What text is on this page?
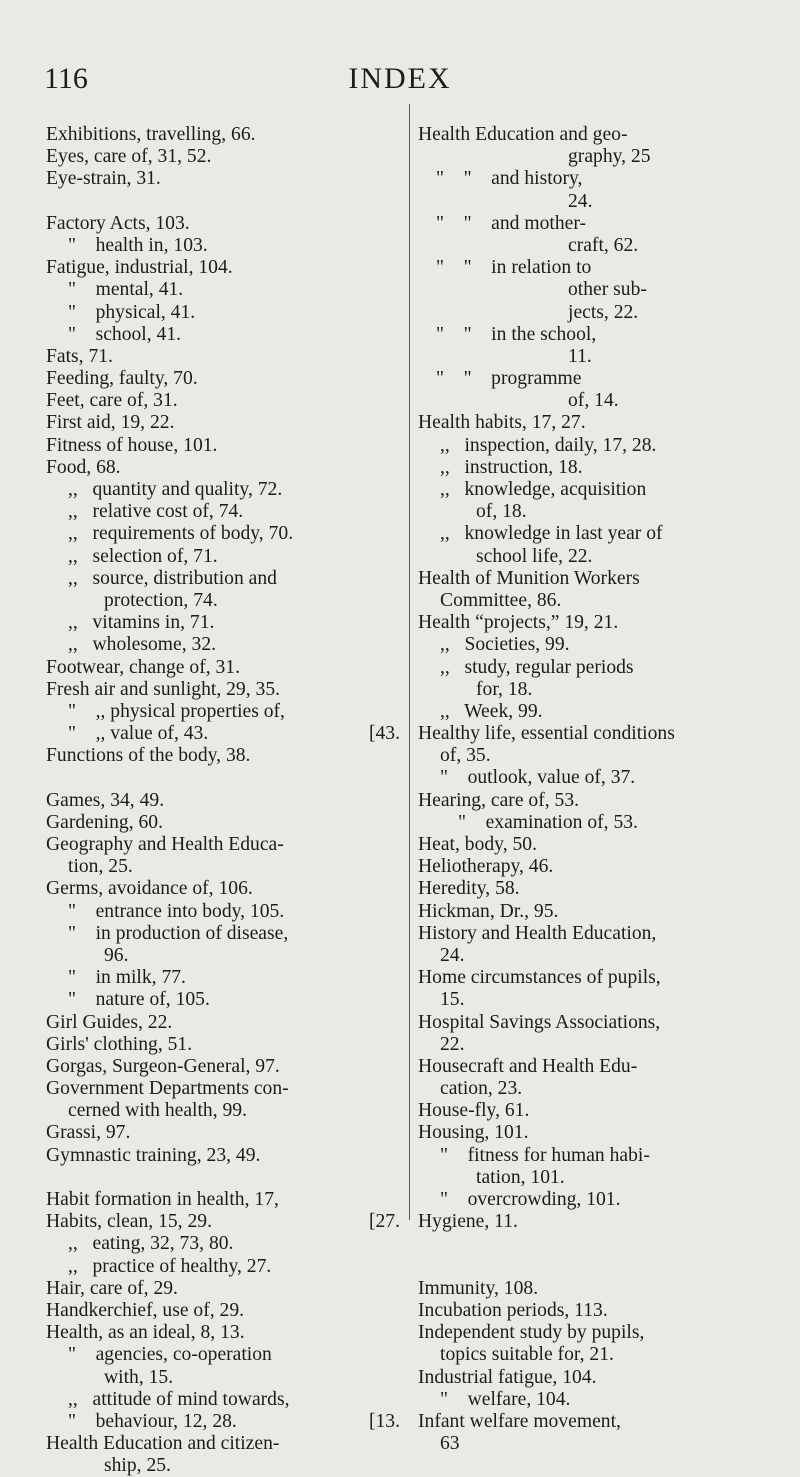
INDEX
116
Exhibitions, travelling, 66.
Eyes, care of, 31, 52.
Eye-strain, 31.
Factory Acts, 103.
"    health in, 103.
Fatigue, industrial, 104.
"    mental, 41.
"    physical, 41.
"    school, 41.
Fats, 71.
Feeding, faulty, 70.
Feet, care of, 31.
First aid, 19, 22.
Fitness of house, 101.
Food, 68.
,,   quantity and quality, 72.
,,   relative cost of, 74.
,,   requirements of body, 70.
,,   selection of, 71.
,,   source, distribution and
protection, 74.
,,   vitamins in, 71.
,,   wholesome, 32.
Footwear, change of, 31.
Fresh air and sunlight, 29, 35.
"    ,, physical properties of,
"    ,, value of, 43.	[43.
Functions of the body, 38.
Games, 34, 49.
Gardening, 60.
Geography and Health Educa-
tion, 25.
Germs, avoidance of, 106.
"    entrance into body, 105.
"    in production of disease,
96.
"    in milk, 77.
"    nature of, 105.
Girl Guides, 22.
Girls' clothing, 51.
Gorgas, Surgeon-General, 97.
Government Departments con-
cerned with health, 99.
Grassi, 97.
Gymnastic training, 23, 49.
Habit formation in health, 17,
Habits, clean, 15, 29.	[27.
,,   eating, 32, 73, 80.
,,   practice of healthy, 27.
Hair, care of, 29.
Handkerchief, use of, 29.
Health, as an ideal, 8, 13.
"    agencies, co-operation
with, 15.
,,   attitude of mind towards,
"    behaviour, 12, 28.	[13.
Health Education and citizen-
ship, 25.
Health Education and geo-
graphy, 25
"    "    and history,
24.
"    "    and mother-
craft, 62.
"    "    in relation to
other sub-
jects, 22.
"    "    in the school,
11.
"    "    programme
of, 14.
Health habits, 17, 27.
,,   inspection, daily, 17, 28.
,,   instruction, 18.
,,   knowledge, acquisition
of, 18.
,,   knowledge in last year of
school life, 22.
Health of Munition Workers
Committee, 86.
Health “projects,” 19, 21.
,,   Societies, 99.
,,   study, regular periods
for, 18.
,,   Week, 99.
Healthy life, essential conditions
of, 35.
"    outlook, value of, 37.
Hearing, care of, 53.
"    examination of, 53.
Heat, body, 50.
Heliotherapy, 46.
Heredity, 58.
Hickman, Dr., 95.
History and Health Education,
24.
Home circumstances of pupils,
15.
Hospital Savings Associations,
22.
Housecraft and Health Edu-
cation, 23.
House-fly, 61.
Housing, 101.
"    fitness for human habi-
tation, 101.
"    overcrowding, 101.
Hygiene, 11.
Immunity, 108.
Incubation periods, 113.
Independent study by pupils,
topics suitable for, 21.
Industrial fatigue, 104.
"    welfare, 104.
Infant welfare movement,
63
